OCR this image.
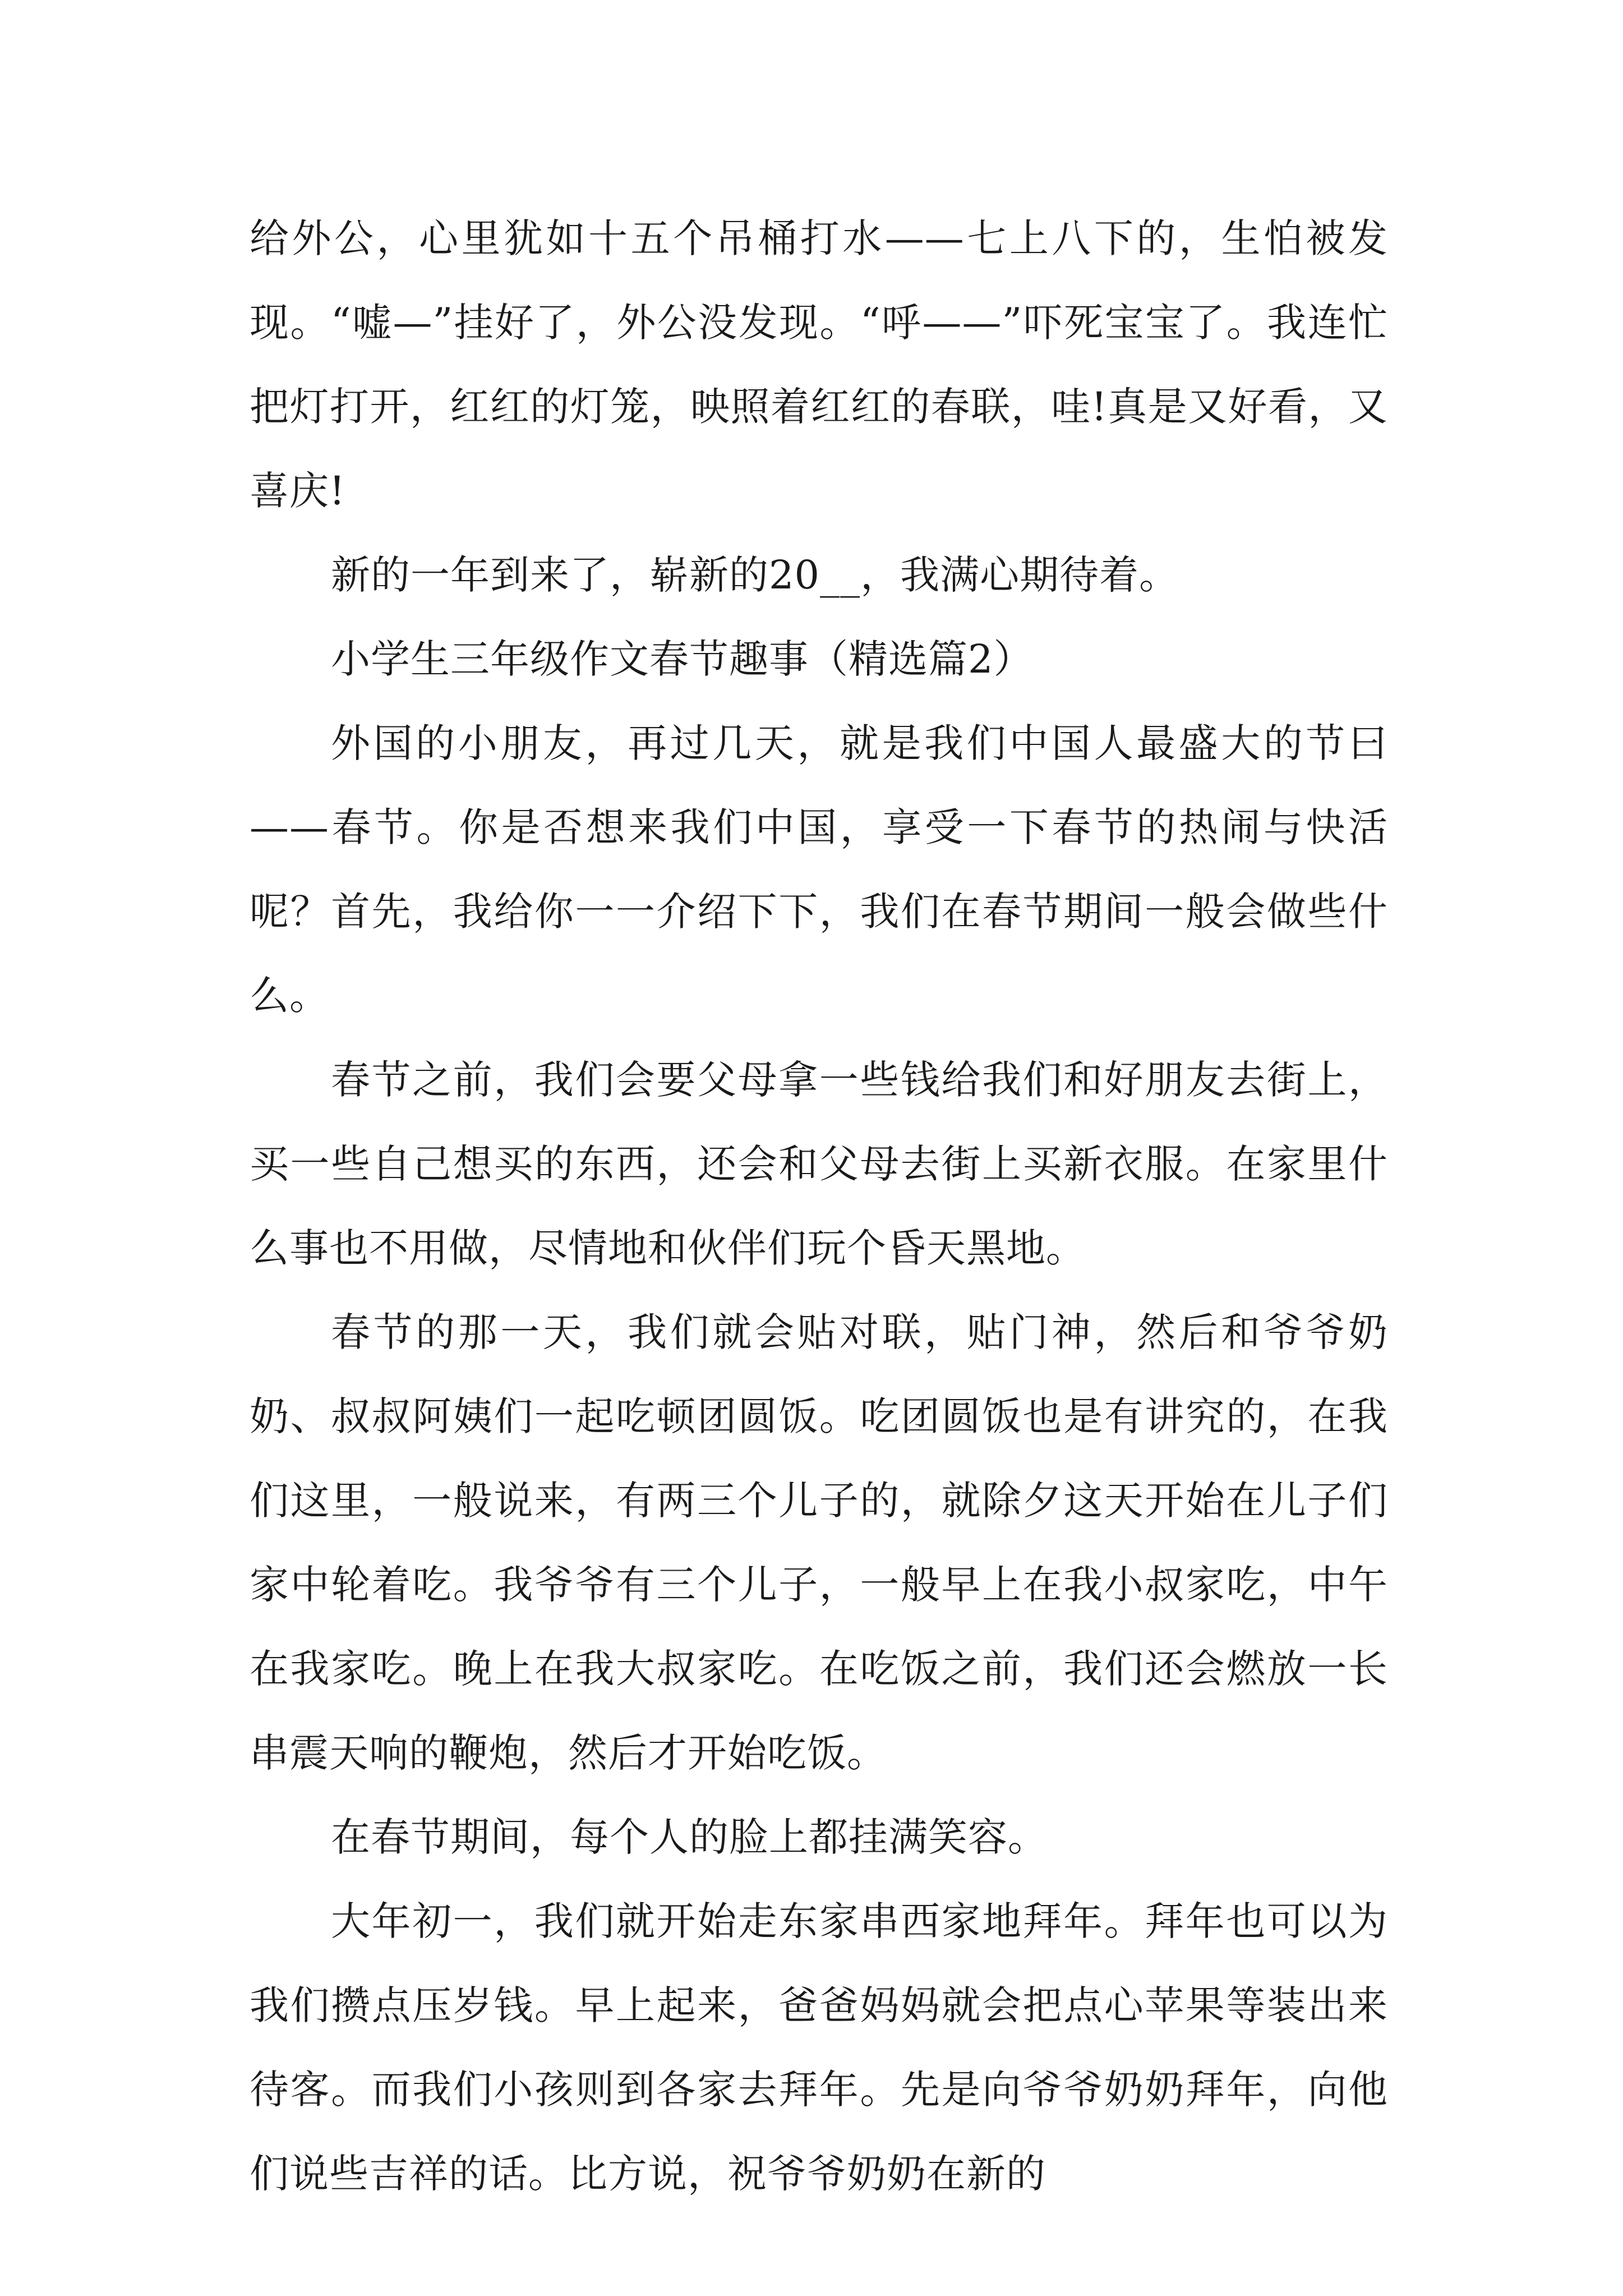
给外公，心里犹如十五个吊桶打水——七上八下的，生怕被发现。“嘘—”挂好了，外公没发现。“呼——”吓死宝宝了。我连忙把灯打开，红红的灯笼，映照着红红的春联，哇!真是又好看，又喜庆!

新的一年到来了，崭新的20__，我满心期待着。

小学生三年级作文春节趣事（精选篇2）

外国的小朋友，再过几天，就是我们中国人最盛大的节曰——春节。你是否想来我们中国，享受一下春节的热闹与快活呢？首先，我给你一一介绍下下，我们在春节期间一般会做些什么。

春节之前，我们会要父母拿一些钱给我们和好朋友去街上，买一些自己想买的东西，还会和父母去街上买新衣服。在家里什么事也不用做，尽情地和伙伴们玩个昏天黑地。

春节的那一天，我们就会贴对联，贴门神，然后和爷爷奶奶、叔叔阿姨们一起吃顿团圆饭。吃团圆饭也是有讲究的，在我们这里，一般说来，有两三个儿子的，就除夕这天开始在儿子们家中轮着吃。我爷爷有三个儿子，一般早上在我小叔家吃，中午在我家吃。晚上在我大叔家吃。在吃饭之前，我们还会燃放一长串震天响的鞭炮，然后才开始吃饭。

在春节期间，每个人的脸上都挂满笑容。

大年初一，我们就开始走东家串西家地拜年。拜年也可以为我们攒点压岁钱。早上起来，爸爸妈妈就会把点心苹果等装出来待客。而我们小孩则到各家去拜年。先是向爷爷奶奶拜年，向他们说些吉祥的话。比方说，祝爷爷奶奶在新的
